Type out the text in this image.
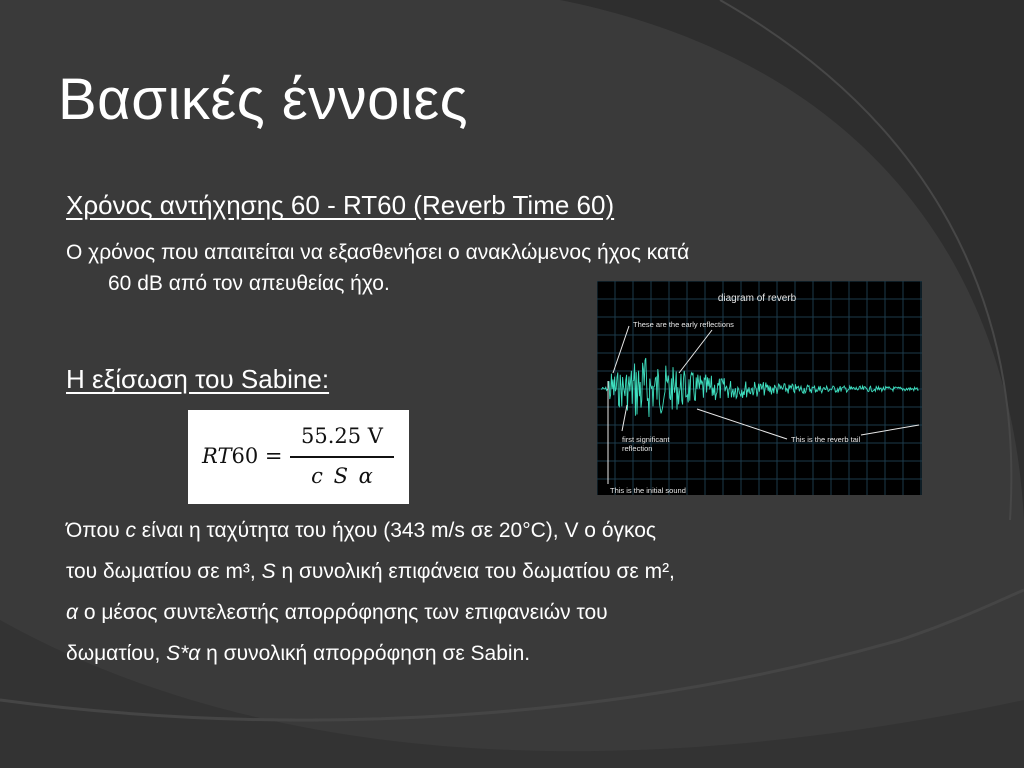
Βασικές έννοιες
Χρόνος αντήχησης 60 - RT60 (Reverb Time 60)
Ο χρόνος που απαιτείται να εξασθενήσει ο ανακλώμενος ήχος κατά
60 dB από τον απευθείας ήχο.
Η εξίσωση του Sabine:
RT60 =
55.25 V
c S α
diagram of reverb
These are the early reflections
first significant
reflection
This is the reverb tail
This is the initial sound
Όπου c είναι η ταχύτητα του ήχου (343 m/s σε 20°C), V ο όγκος
του δωματίου σε m³, S η συνολική επιφάνεια του δωματίου σε m²,
α ο μέσος συντελεστής απορρόφησης των επιφανειών του
δωματίου, S*α η συνολική απορρόφηση σε Sabin.
